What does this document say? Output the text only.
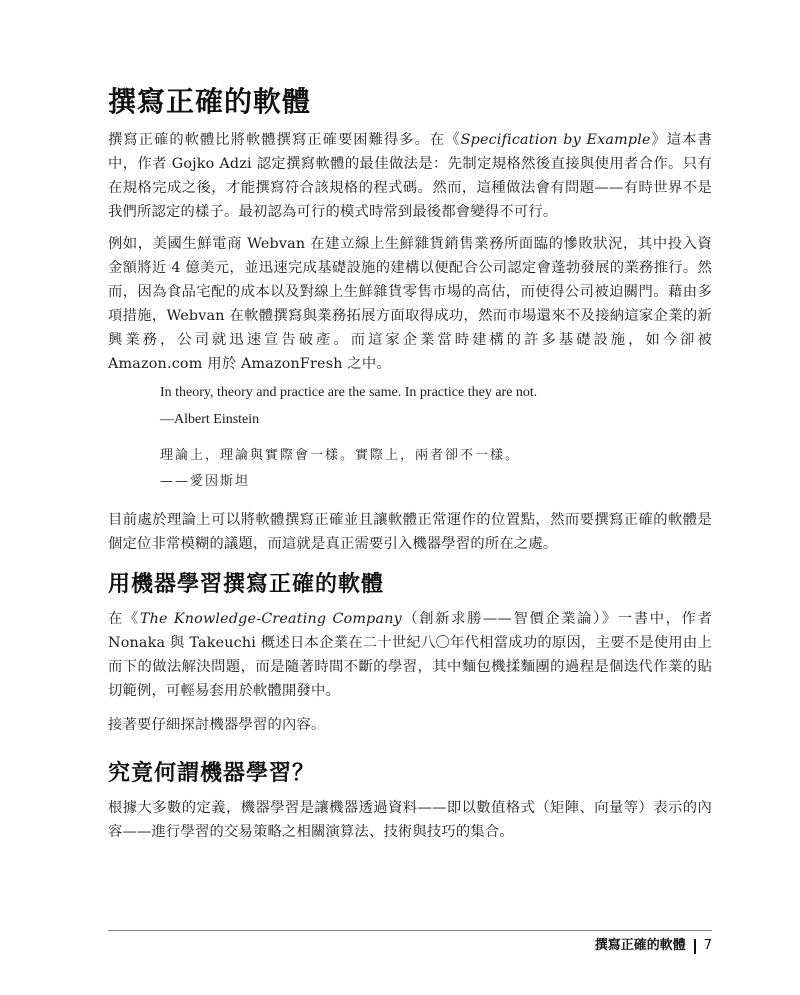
撰寫正確的軟體

撰寫正確的軟體比將軟體撰寫正確要困難得多。在《Specification by Example》這本書中，作者 Gojko Adzi 認定撰寫軟體的最佳做法是：先制定規格然後直接與使用者合作。只有在規格完成之後，才能撰寫符合該規格的程式碼。然而，這種做法會有問題——有時世界不是我們所認定的樣子。最初認為可行的模式時常到最後都會變得不可行。

例如，美國生鮮電商 Webvan 在建立線上生鮮雜貨銷售業務所面臨的慘敗狀況，其中投入資金額將近 4 億美元，並迅速完成基礎設施的建構以便配合公司認定會蓬勃發展的業務推行。然而，因為食品宅配的成本以及對線上生鮮雜貨零售市場的高估，而使得公司被迫關門。藉由多項措施，Webvan 在軟體撰寫與業務拓展方面取得成功，然而市場還來不及接納這家企業的新興業務，公司就迅速宣告破產。而這家企業當時建構的許多基礎設施，如今卻被 Amazon.com 用於 AmazonFresh 之中。

In theory, theory and practice are the same. In practice they are not.
—Albert Einstein
理論上，理論與實際會一樣。實際上，兩者卻不一樣。
——愛因斯坦

目前處於理論上可以將軟體撰寫正確並且讓軟體正常運作的位置點，然而要撰寫正確的軟體是個定位非常模糊的議題，而這就是真正需要引入機器學習的所在之處。

用機器學習撰寫正確的軟體

在《The Knowledge-Creating Company（創新求勝——智價企業論）》一書中，作者 Nonaka 與 Takeuchi 概述日本企業在二十世紀八〇年代相當成功的原因，主要不是使用由上而下的做法解決問題，而是隨著時間不斷的學習，其中麵包機揉麵團的過程是個迭代作業的貼切範例，可輕易套用於軟體開發中。

接著要仔細探討機器學習的內容。

究竟何謂機器學習？

根據大多數的定義，機器學習是讓機器透過資料——即以數值格式（矩陣、向量等）表示的內容——進行學習的交易策略之相關演算法、技術與技巧的集合。

撰寫正確的軟體 7
